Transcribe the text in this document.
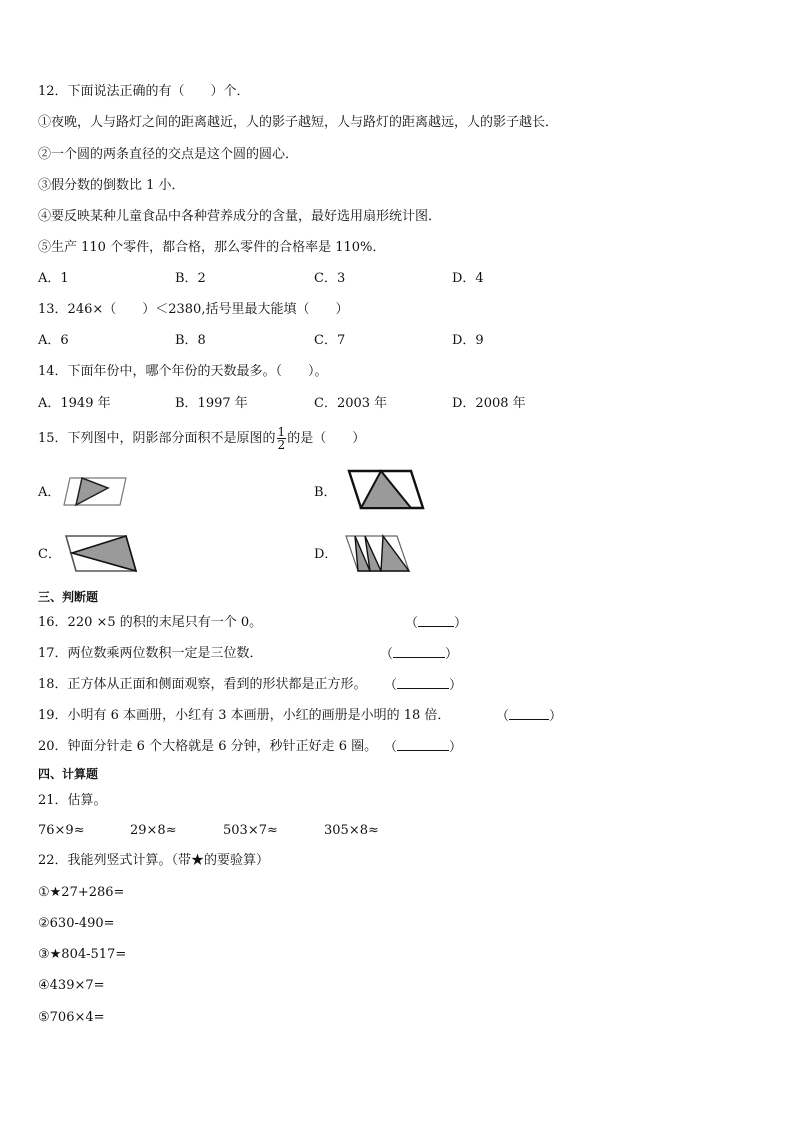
12．下面说法正确的有（　　）个．
①夜晚，人与路灯之间的距离越近，人的影子越短，人与路灯的距离越远，人的影子越长．
②一个圆的两条直径的交点是这个圆的圆心．
③假分数的倒数比 1 小．
④要反映某种儿童食品中各种营养成分的含量，最好选用扇形统计图．
⑤生产 110 个零件，都合格，那么零件的合格率是 110%．
A．1	B．2	C．3	D．4
13．246×（　　）＜2380,括号里最大能填（　　）
A．6	B．8	C．7	D．9
14．下面年份中，哪个年份的天数最多。（　　）。
A．1949 年	B．1997 年	C．2003 年	D．2008 年
15．下列图中，阴影部分面积不是原图的 $\frac{1}{2}$ 的是（　　）
A．	B．
C．	D．
三、判断题
16．220 ×5 的积的末尾只有一个 0。	（	）
17．两位数乘两位数积一定是三位数．	（	）
18．正方体从正面和侧面观察，看到的形状都是正方形。 （	）
19．小明有 6 本画册，小红有 3 本画册，小红的画册是小明的 18 倍．	（	）
20．钟面分针走 6 个大格就是 6 分钟，秒针正好走 6 圈。 （	）
四、计算题
21．估算。
76×9≈	29×8≈	503×7≈	305×8≈
22．我能列竖式计算。（带★的要验算）
①★27+286=
②630-490=
③★804-517=
④439×7=
⑤706×4=
